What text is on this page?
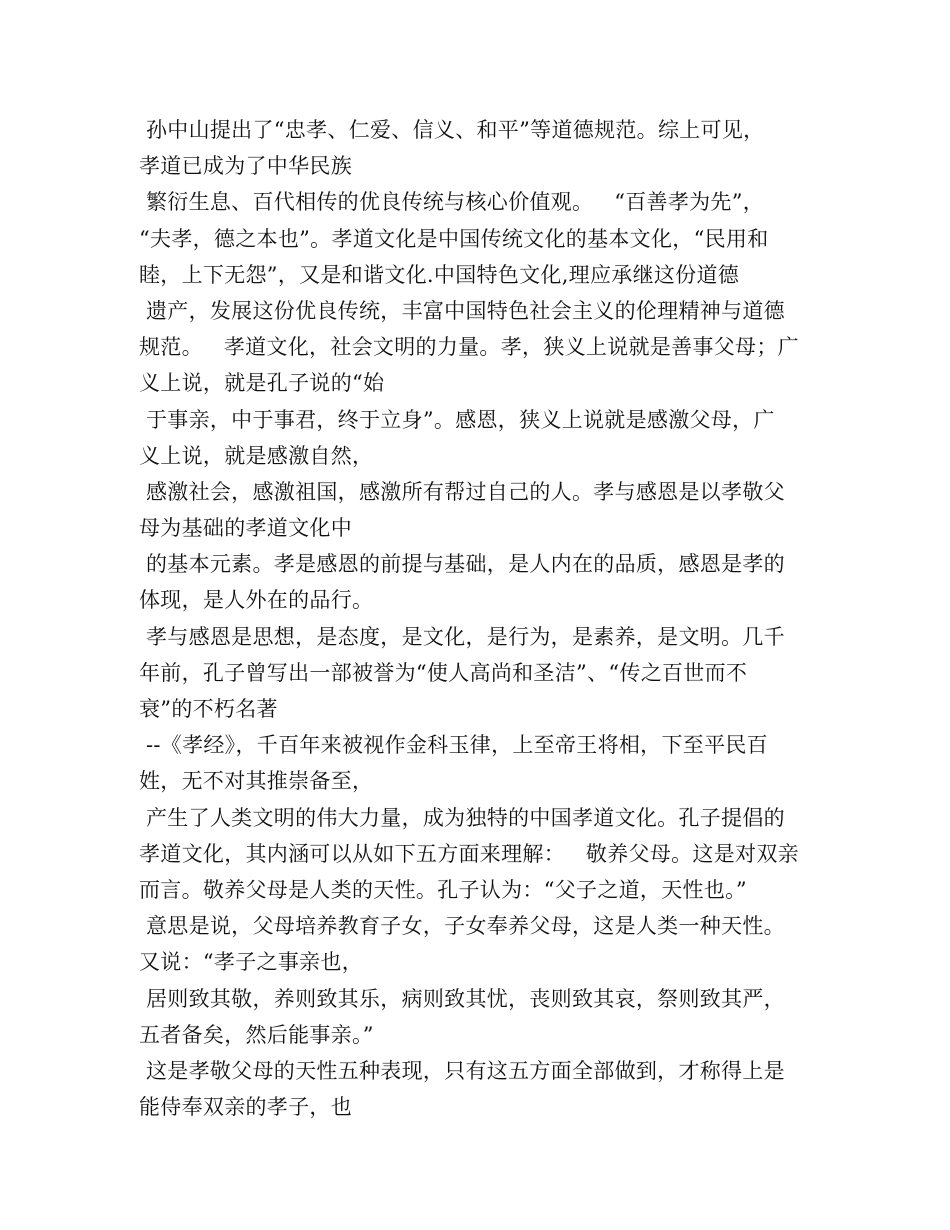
孙中山提出了“忠孝、仁爱、信义、和平”等道德规范。综上可见，
孝道已成为了中华民族
繁衍生息、百代相传的优良传统与核心价值观。   “百善孝为先”，
“夫孝，德之本也”。孝道文化是中国传统文化的基本文化，“民用和
睦，上下无怨”，又是和谐文化.中国特色文化,理应承继这份道德
遗产，发展这份优良传统，丰富中国特色社会主义的伦理精神与道德
规范。   孝道文化，社会文明的力量。孝，狭义上说就是善事父母；广
义上说，就是孔子说的“始
于事亲，中于事君，终于立身”。感恩，狭义上说就是感激父母，广
义上说，就是感激自然，
感激社会，感激祖国，感激所有帮过自己的人。孝与感恩是以孝敬父
母为基础的孝道文化中
的基本元素。孝是感恩的前提与基础，是人内在的品质，感恩是孝的
体现，是人外在的品行。
孝与感恩是思想，是态度，是文化，是行为，是素养，是文明。几千
年前，孔子曾写出一部被誉为“使人高尚和圣洁”、“传之百世而不
衰”的不朽名著
--《孝经》，千百年来被视作金科玉律，上至帝王将相，下至平民百
姓，无不对其推崇备至，
产生了人类文明的伟大力量，成为独特的中国孝道文化。孔子提倡的
孝道文化，其内涵可以从如下五方面来理解：   敬养父母。这是对双亲
而言。敬养父母是人类的天性。孔子认为：“父子之道，天性也。”
意思是说，父母培养教育子女，子女奉养父母，这是人类一种天性。
又说：“孝子之事亲也，
居则致其敬，养则致其乐，病则致其忧，丧则致其哀，祭则致其严，
五者备矣，然后能事亲。”
这是孝敬父母的天性五种表现，只有这五方面全部做到，才称得上是
能侍奉双亲的孝子，也
